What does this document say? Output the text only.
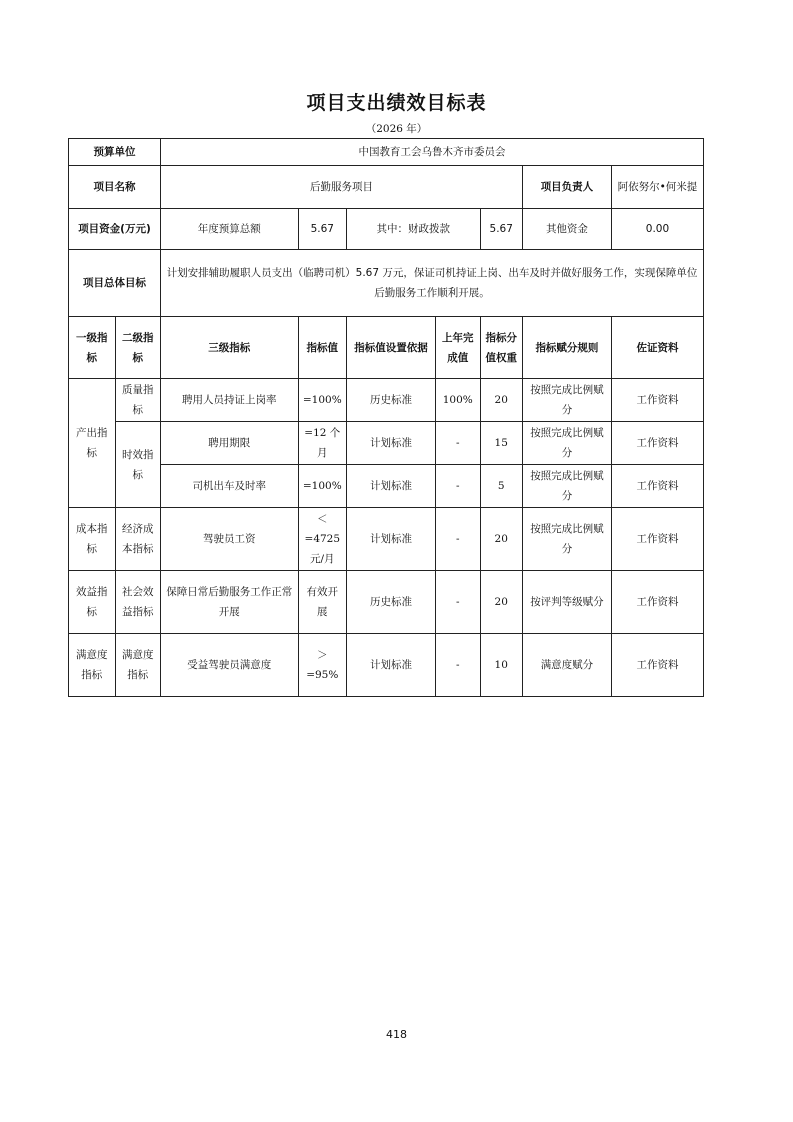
项目支出绩效目标表
（2026 年）
预算单位		中国教育工会乌鲁木齐市委员会						
项目名称		后勤服务项目					项目负责人	阿依努尔•何米提
项目资金(万元)		年度预算总额	5.67	其中：财政拨款		5.67	其他资金	0.00
项目总体目标		计划安排辅助履职人员支出（临聘司机）5.67 万元，保证司机持证上岗、出车及时并做好服务工作，实现保障单位后勤服务工作顺利开展。						
一级指标	二级指标	三级指标	指标值	指标值设置依据	上年完成值	指标分值权重	指标赋分规则	佐证资料
产出指标	质量指标	聘用人员持证上岗率	=100%	历史标准	100%	20	按照完成比例赋分	工作资料
	时效指标	聘用期限	=12 个月	计划标准	-	15	按照完成比例赋分	工作资料
		司机出车及时率	=100%	计划标准	-	5	按照完成比例赋分	工作资料
成本指标	经济成本指标	驾驶员工资	＜=4725元/月	计划标准	-	20	按照完成比例赋分	工作资料
效益指标	社会效益指标	保障日常后勤服务工作正常开展	有效开展	历史标准	-	20	按评判等级赋分	工作资料
满意度指标	满意度指标	受益驾驶员满意度	＞=95%	计划标准	-	10	满意度赋分	工作资料
418
